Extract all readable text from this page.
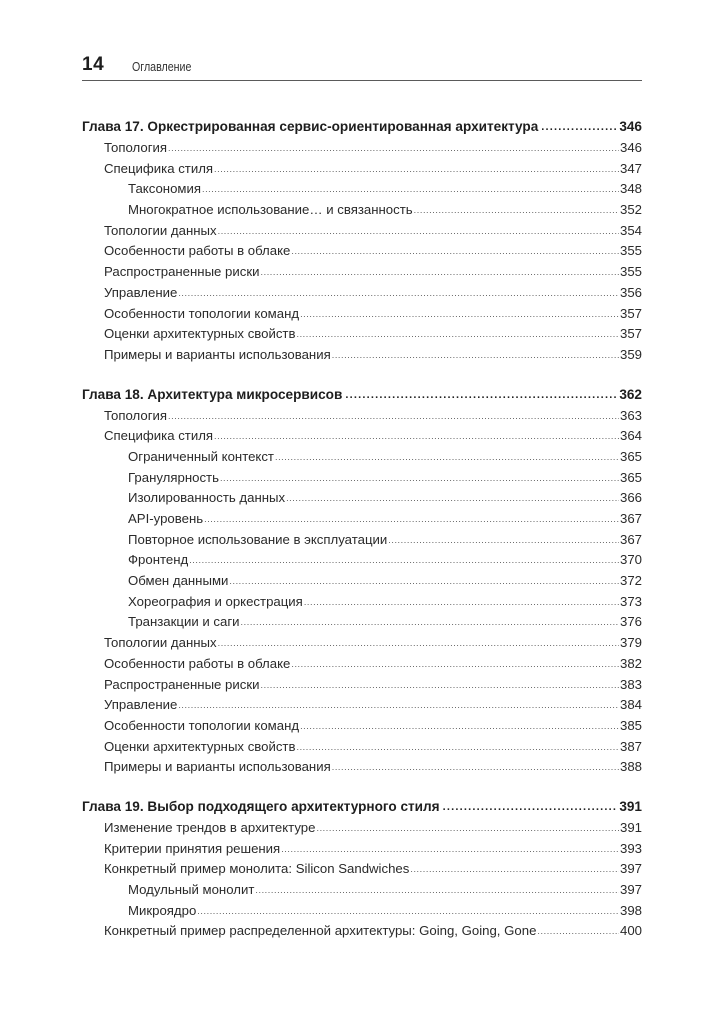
14 Оглавление
Глава 17. Оркестрированная сервис-ориентированная архитектура .....	346
Топология .....	346
Специфика стиля .....	347
Таксономия .....	348
Многократное использование… и связанность .....	352
Топологии данных .....	354
Особенности работы в облаке .....	355
Распространенные риски .....	355
Управление .....	356
Особенности топологии команд .....	357
Оценки архитектурных свойств .....	357
Примеры и варианты использования .....	359
Глава 18. Архитектура микросервисов .....	362
Топология .....	363
Специфика стиля .....	364
Ограниченный контекст .....	365
Гранулярность .....	365
Изолированность данных .....	366
API-уровень .....	367
Повторное использование в эксплуатации .....	367
Фронтенд .....	370
Обмен данными .....	372
Хореография и оркестрация .....	373
Транзакции и саги .....	376
Топологии данных .....	379
Особенности работы в облаке .....	382
Распространенные риски .....	383
Управление .....	384
Особенности топологии команд .....	385
Оценки архитектурных свойств .....	387
Примеры и варианты использования .....	388
Глава 19. Выбор подходящего архитектурного стиля .....	391
Изменение трендов в архитектуре .....	391
Критерии принятия решения .....	393
Конкретный пример монолита: Silicon Sandwiches .....	397
Модульный монолит .....	397
Микроядро .....	398
Конкретный пример распределенной архитектуры: Going, Going, Gone .....	400
